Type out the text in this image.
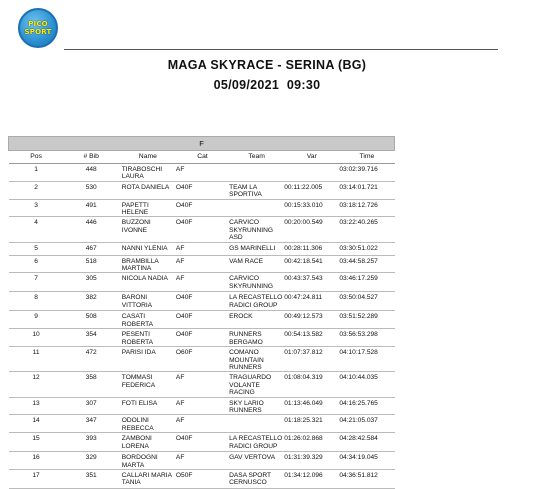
PICO
SPORT
MAGA SKYRACE - SERINA (BG)
05/09/2021 09:30
F						
Pos	# Bib	Name	Cat	Team	Var	Time
1	448	TIRABOSCHI LAURA	AF			03:02:39.716
2	530	ROTA DANIELA	O40F	TEAM LA SPORTIVA	00:11:22.005	03:14:01.721
3	491	PAPETTI HELENE	O40F		00:15:33.010	03:18:12.726
4	446	BUZZONI IVONNE	O40F	CARVICO SKYRUNNING ASD	00:20:00.549	03:22:40.265
5	467	NANNI YLENIA	AF	GS MARINELLI	00:28:11.306	03:30:51.022
6	518	BRAMBILLA MARTINA	AF	VAM RACE	00:42:18.541	03:44:58.257
7	305	NICOLA NADIA	AF	CARVICO SKYRUNNING	00:43:37.543	03:46:17.259
8	382	BARONI VITTORIA	O40F	LA RECASTELLO RADICI GROUP	00:47:24.811	03:50:04.527
9	508	CASATI ROBERTA	O40F	EROCK	00:49:12.573	03:51:52.289
10	354	PESENTI ROBERTA	O40F	RUNNERS BERGAMO	00:54:13.582	03:56:53.298
11	472	PARISI IDA	O60F	COMANO MOUNTAIN RUNNERS	01:07:37.812	04:10:17.528
12	358	TOMMASI FEDERICA	AF	TRAGUARDO VOLANTE RACING	01:08:04.319	04:10:44.035
13	307	FOTI ELISA	AF	SKY LARIO RUNNERS	01:13:46.049	04:16:25.765
14	347	ODOLINI REBECCA	AF		01:18:25.321	04:21:05.037
15	393	ZAMBONI LORENA	O40F	LA RECASTELLO RADICI GROUP	01:26:02.868	04:28:42.584
16	329	BORDOGNI MARTA	AF	GAV VERTOVA	01:31:39.329	04:34:19.045
17	351	CALLARI MARIA TANIA	O50F	DASA SPORT CERNUSCO	01:34:12.096	04:36:51.812
